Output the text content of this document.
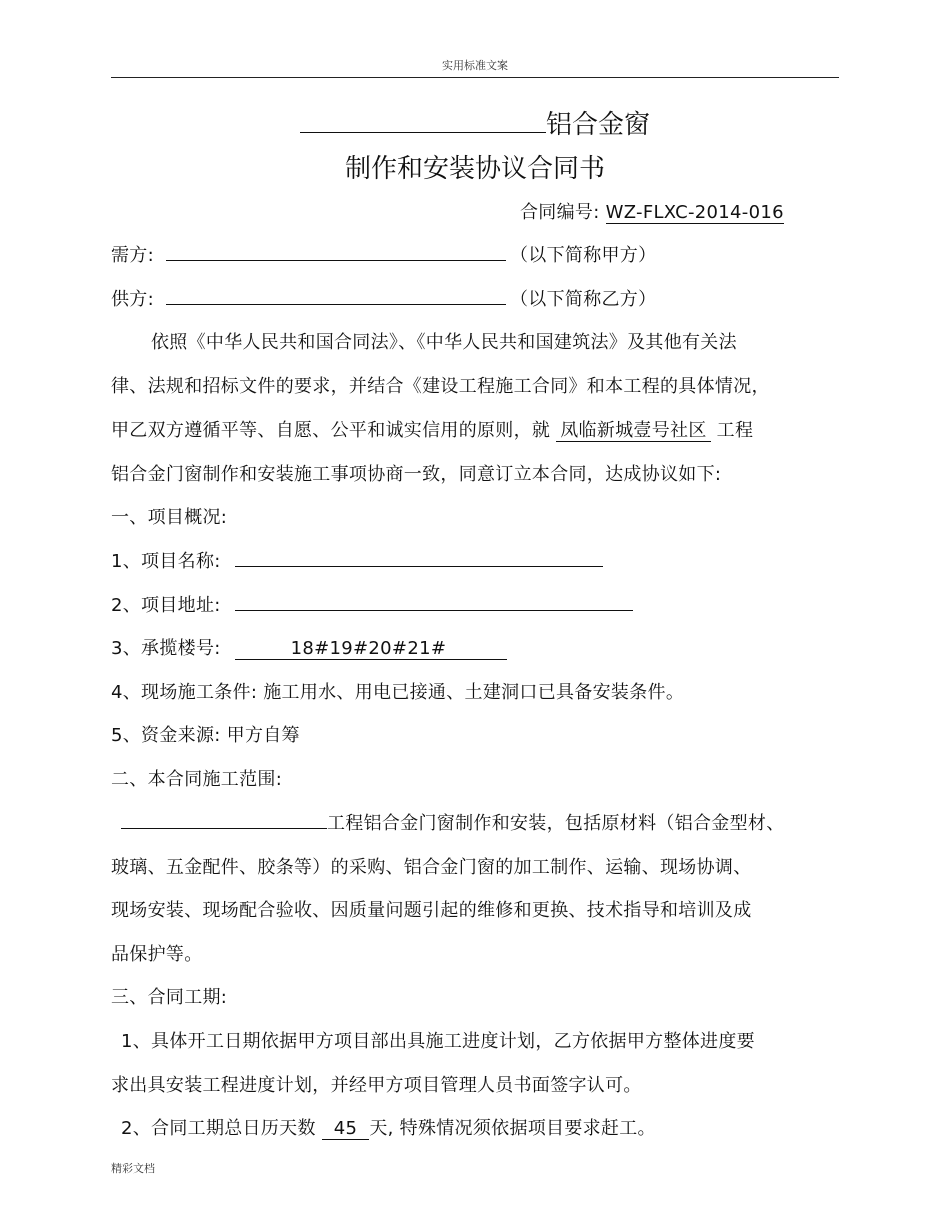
实用标准文案
铝合金窗
制作和安装协议合同书
合同编号: WZ-FLXC-2014-016
需方:	（以下简称甲方）
供方:	（以下简称乙方）
依照《中华人民共和国合同法》、《中华人民共和国建筑法》及其他有关法
律、法规和招标文件的要求，并结合《建设工程施工合同》和本工程的具体情况，
甲乙双方遵循平等、自愿、公平和诚实信用的原则，就 凤临新城壹号社区 工程
铝合金门窗制作和安装施工事项协商一致，同意订立本合同，达成协议如下:
一、项目概况:
1、项目名称:
2、项目地址:
3、承揽楼号:	18#19#20#21#
4、现场施工条件: 施工用水、用电已接通、土建洞口已具备安装条件。
5、资金来源: 甲方自筹
二、本合同施工范围:
工程铝合金门窗制作和安装，包括原材料（铝合金型材、
玻璃、五金配件、胶条等）的采购、铝合金门窗的加工制作、运输、现场协调、
现场安装、现场配合验收、因质量问题引起的维修和更换、技术指导和培训及成
品保护等。
三、合同工期:
1、具体开工日期依据甲方项目部出具施工进度计划，乙方依据甲方整体进度要
求出具安装工程进度计划，并经甲方项目管理人员书面签字认可。
2、合同工期总日历天数 45 天, 特殊情况须依据项目要求赶工。
精彩文档
